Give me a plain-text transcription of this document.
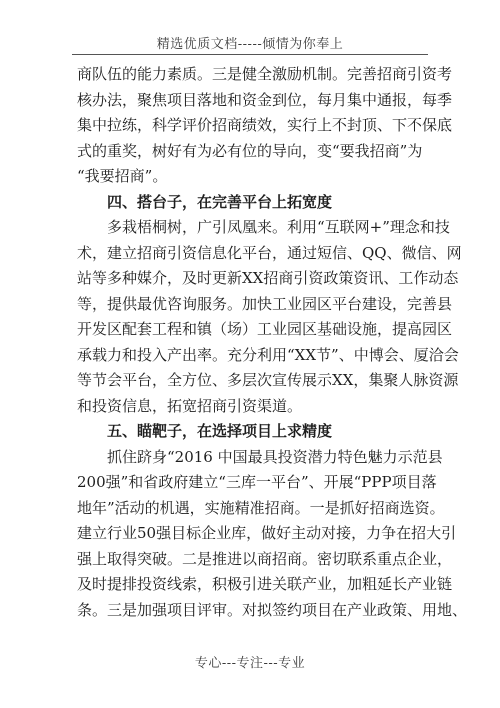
精选优质文档-----倾情为你奉上
商队伍的能力素质。三是健全激励机制。完善招商引资考
核办法，聚焦项目落地和资金到位，每月集中通报，每季
集中拉练，科学评价招商绩效，实行上不封顶、下不保底
式的重奖，树好有为必有位的导向，变“要我招商”为
“我要招商”。
　　四、搭台子，在完善平台上拓宽度
　　多栽梧桐树，广引凤凰来。利用“互联网+”理念和技
术，建立招商引资信息化平台，通过短信、QQ、微信、网
站等多种媒介，及时更新XX招商引资政策资讯、工作动态
等，提供最优咨询服务。加快工业园区平台建设，完善县
开发区配套工程和镇（场）工业园区基础设施，提高园区
承载力和投入产出率。充分利用“XX节”、中博会、厦洽会
等节会平台，全方位、多层次宣传展示XX，集聚人脉资源
和投资信息，拓宽招商引资渠道。
　　五、瞄靶子，在选择项目上求精度
　　抓住跻身“2016 中国最具投资潜力特色魅力示范县
200强”和省政府建立“三库一平台”、开展“PPP项目落
地年”活动的机遇，实施精准招商。一是抓好招商选资。
建立行业50强目标企业库，做好主动对接，力争在招大引
强上取得突破。二是推进以商招商。密切联系重点企业，
及时提排投资线索，积极引进关联产业，加粗延长产业链
条。三是加强项目评审。对拟签约项目在产业政策、用地、
专心---专注---专业
